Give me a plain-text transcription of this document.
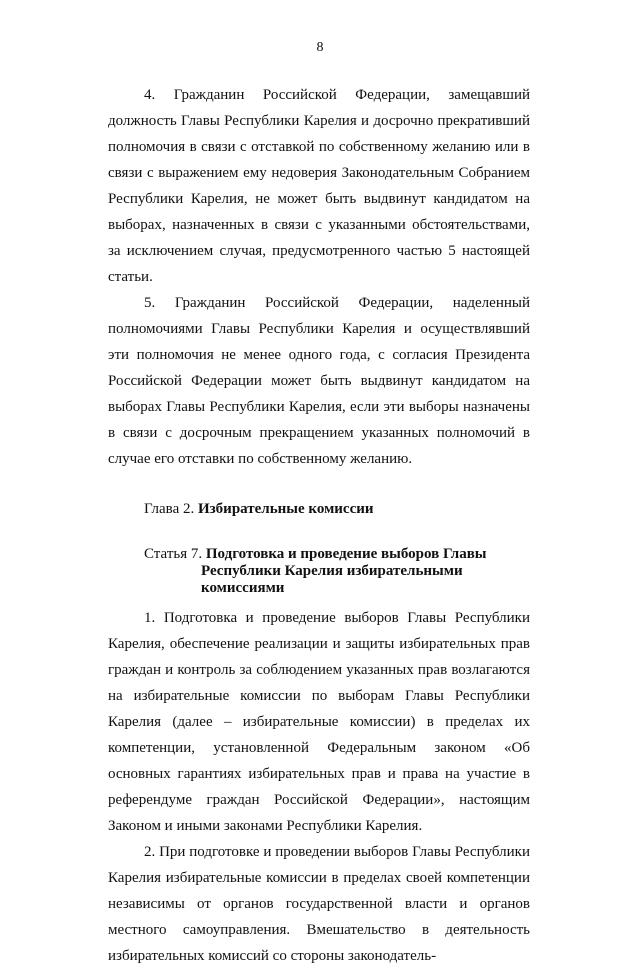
8

4. Гражданин Российской Федерации, замещавший должность Главы Республики Карелия и досрочно прекративший полномочия в связи с отставкой по собственному желанию или в связи с выражением ему недоверия Законодательным Собранием Республики Карелия, не может быть выдвинут кандидатом на выборах, назначенных в связи с указанными обстоятельствами, за исключением случая, предусмотренного частью 5 настоящей статьи.

5. Гражданин Российской Федерации, наделенный полномочиями Главы Республики Карелия и осуществлявший эти полномочия не менее одного года, с согласия Президента Российской Федерации может быть выдвинут кандидатом на выборах Главы Республики Карелия, если эти выборы назначены в связи с досрочным прекращением указанных полномочий в случае его отставки по собственному желанию.

Глава 2. Избирательные комиссии

Статья 7. Подготовка и проведение выборов Главы
Республики Карелия избирательными комиссиями

1. Подготовка и проведение выборов Главы Республики Карелия, обеспечение реализации и защиты избирательных прав граждан и контроль за соблюдением указанных прав возлагаются на избирательные комиссии по выборам Главы Республики Карелия (далее – избирательные комиссии) в пределах их компетенции, установленной Федеральным законом «Об основных гарантиях избирательных прав и права на участие в референдуме граждан Российской Федерации», настоящим Законом и иными законами Республики Карелия.

2. При подготовке и проведении выборов Главы Республики Карелия избирательные комиссии в пределах своей компетенции независимы от органов государственной власти и органов местного самоуправления. Вмешательство в деятельность избирательных комиссий со стороны законодатель-
